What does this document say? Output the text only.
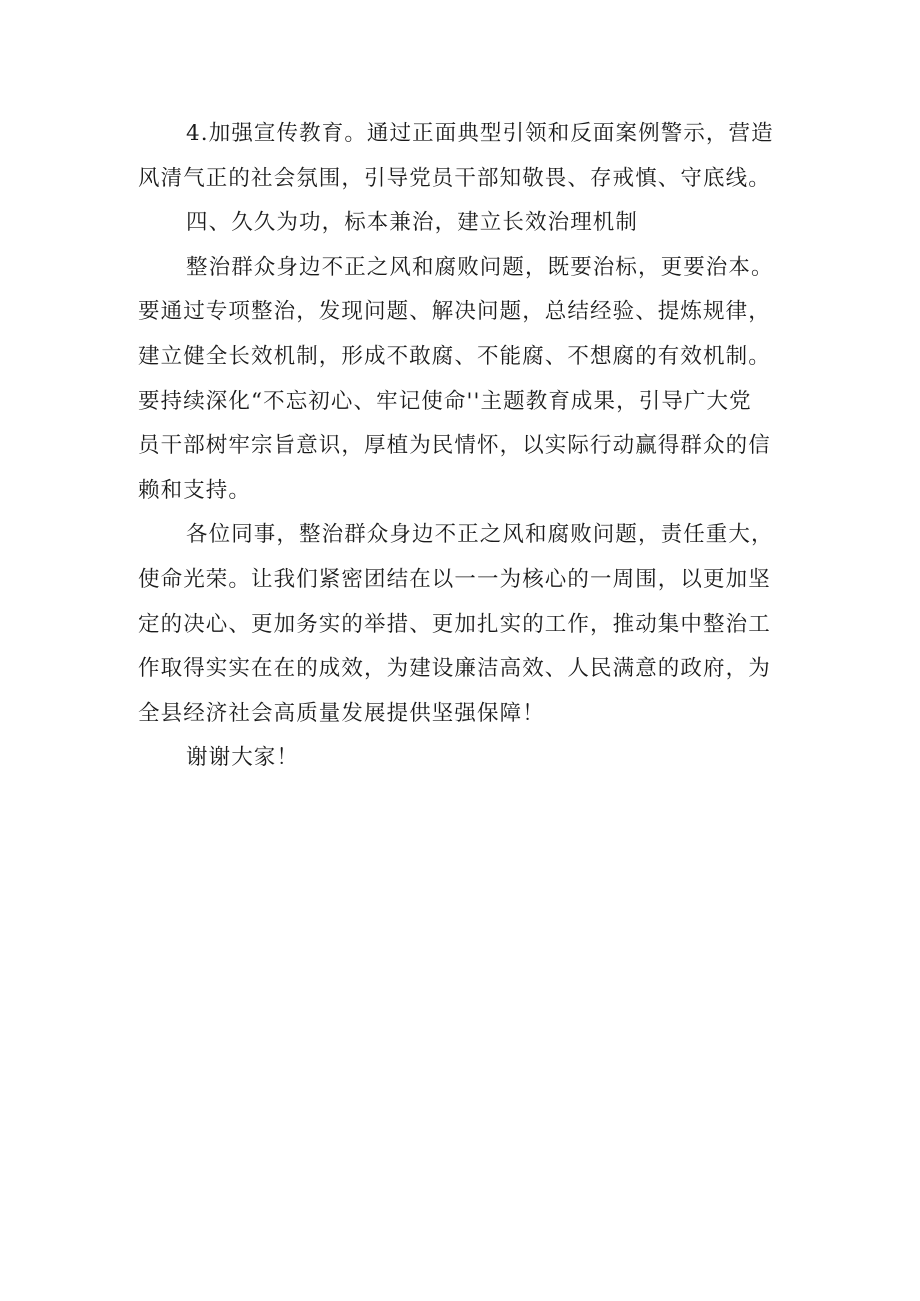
4.加强宣传教育。通过正面典型引领和反面案例警示，营造
风清气正的社会氛围，引导党员干部知敬畏、存戒慎、守底线。

四、久久为功，标本兼治，建立长效治理机制

整治群众身边不正之风和腐败问题，既要治标，更要治本。
要通过专项整治，发现问题、解决问题，总结经验、提炼规律，
建立健全长效机制，形成不敢腐、不能腐、不想腐的有效机制。
要持续深化“不忘初心、牢记使命''主题教育成果，引导广大党
员干部树牢宗旨意识，厚植为民情怀，以实际行动赢得群众的信
赖和支持。

各位同事，整治群众身边不正之风和腐败问题，责任重大，
使命光荣。让我们紧密团结在以一一为核心的一周围，以更加坚
定的决心、更加务实的举措、更加扎实的工作，推动集中整治工
作取得实实在在的成效，为建设廉洁高效、人民满意的政府，为
全县经济社会高质量发展提供坚强保障！

谢谢大家！
